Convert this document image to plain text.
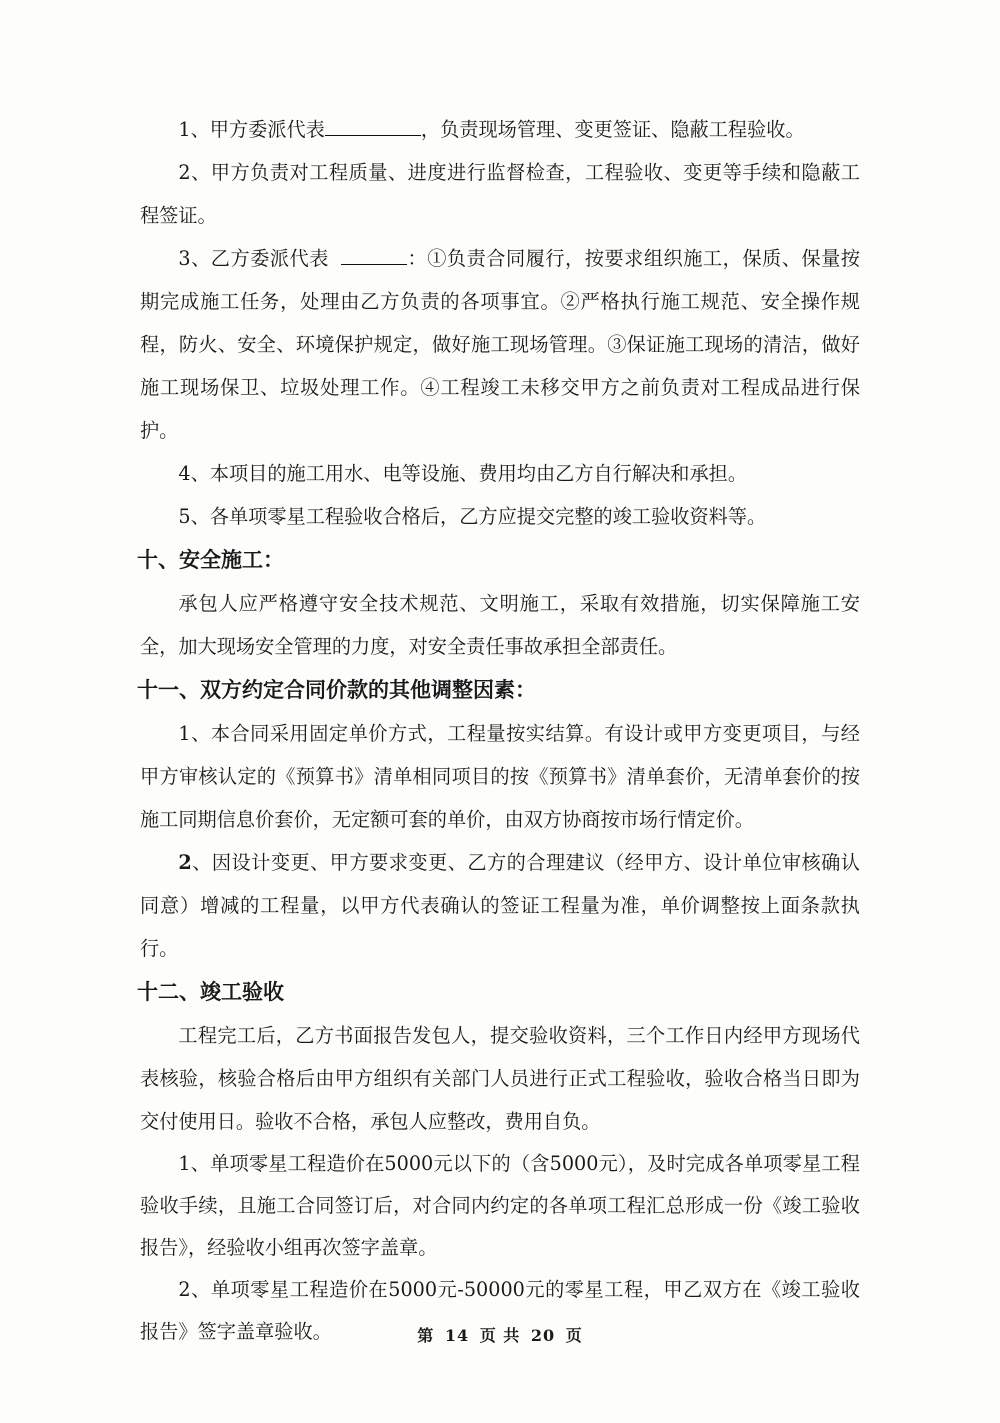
1、甲方委派代表	，负责现场管理、变更签证、隐蔽工程验收。

2、甲方负责对工程质量、进度进行监督检查，工程验收、变更等手续和隐蔽工程签证。

3、乙方委派代表	：①负责合同履行，按要求组织施工，保质、保量按期完成施工任务，处理由乙方负责的各项事宜。②严格执行施工规范、安全操作规程，防火、安全、环境保护规定，做好施工现场管理。③保证施工现场的清洁，做好施工现场保卫、垃圾处理工作。④工程竣工未移交甲方之前负责对工程成品进行保护。

4、本项目的施工用水、电等设施、费用均由乙方自行解决和承担。

5、各单项零星工程验收合格后，乙方应提交完整的竣工验收资料等。

十、安全施工：

承包人应严格遵守安全技术规范、文明施工，采取有效措施，切实保障施工安全，加大现场安全管理的力度，对安全责任事故承担全部责任。

十一、双方约定合同价款的其他调整因素：

1、本合同采用固定单价方式，工程量按实结算。有设计或甲方变更项目，与经甲方审核认定的《预算书》清单相同项目的按《预算书》清单套价，无清单套价的按施工同期信息价套价，无定额可套的单价，由双方协商按市场行情定价。

2、因设计变更、甲方要求变更、乙方的合理建议（经甲方、设计单位审核确认同意）增减的工程量，以甲方代表确认的签证工程量为准，单价调整按上面条款执行。

十二、竣工验收

工程完工后，乙方书面报告发包人，提交验收资料，三个工作日内经甲方现场代表核验，核验合格后由甲方组织有关部门人员进行正式工程验收，验收合格当日即为交付使用日。验收不合格，承包人应整改，费用自负。

1、单项零星工程造价在5000元以下的（含5000元），及时完成各单项零星工程验收手续，且施工合同签订后，对合同内约定的各单项工程汇总形成一份《竣工验收报告》，经验收小组再次签字盖章。

2、单项零星工程造价在5000元-50000元的零星工程，甲乙双方在《竣工验收报告》签字盖章验收。	第 14 页 共 20 页
